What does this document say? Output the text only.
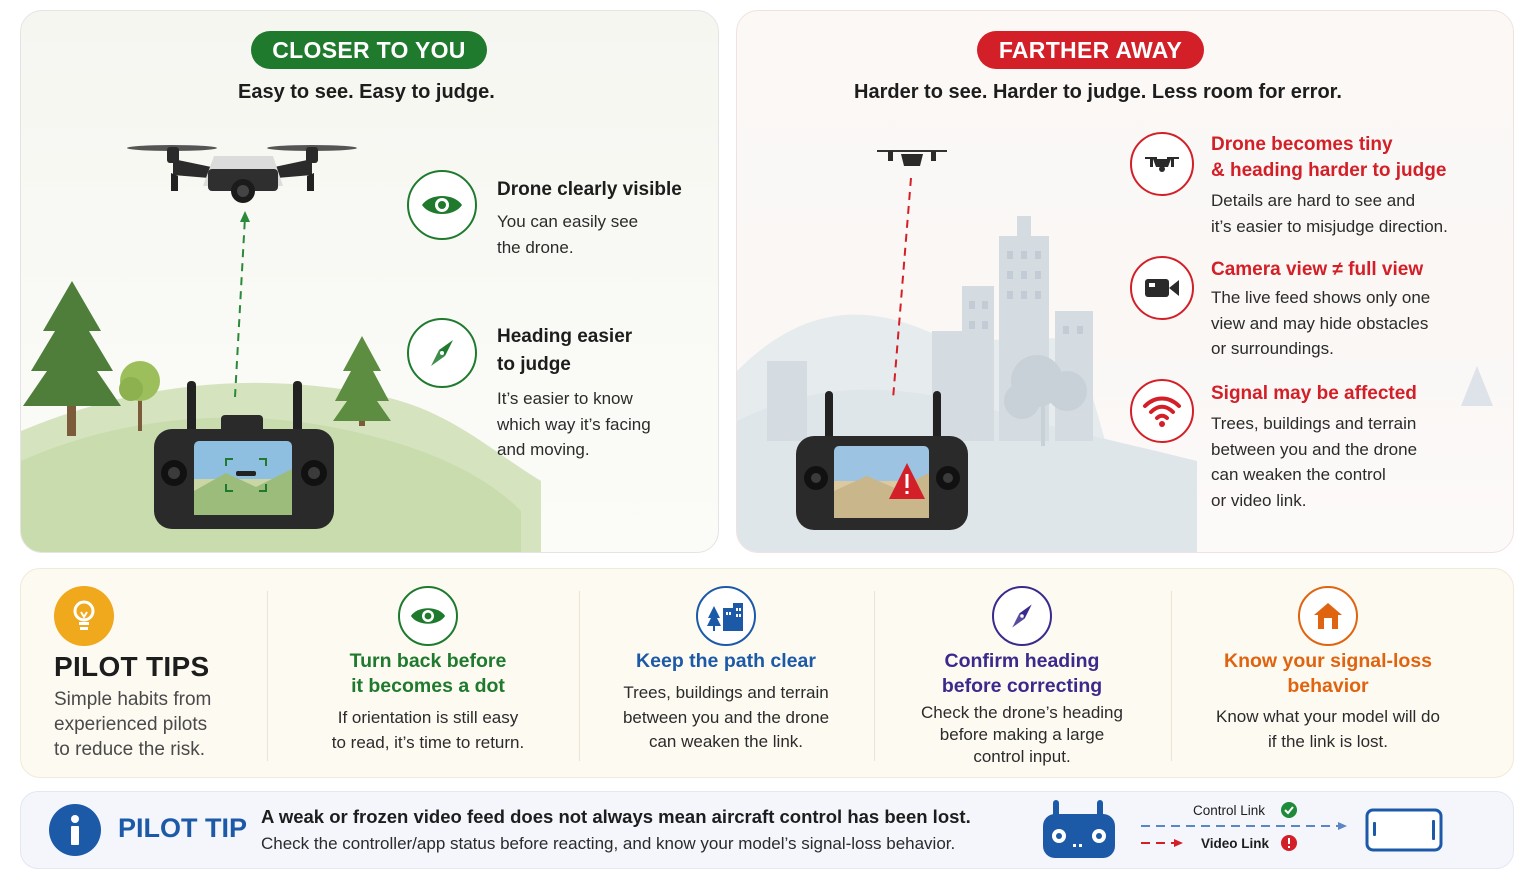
CLOSER TO YOU
Easy to see. Easy to judge.
Drone clearly visible
You can easily see
the drone.
Heading easier
to judge
It’s easier to know
which way it’s facing
and moving.
FARTHER AWAY
Harder to see. Harder to judge. Less room for error.
Drone becomes tiny
& heading harder to judge
Details are hard to see and
it’s easier to misjudge direction.
Camera view ≠ full view
The live feed shows only one
view and may hide obstacles
or surroundings.
Signal may be affected
Trees, buildings and terrain
between you and the drone
can weaken the control
or video link.
PILOT TIPS
Simple habits from
experienced pilots
to reduce the risk.
Turn back before
it becomes a dot
If orientation is still easy
to read, it’s time to return.
Keep the path clear
Trees, buildings and terrain
between you and the drone
can weaken the link.
Confirm heading
before correcting
Check the drone’s heading
before making a large
control input.
Know your signal-loss
behavior
Know what your model will do
if the link is lost.
PILOT TIP A weak or frozen video feed does not always mean aircraft control has been lost.
Check the controller/app status before reacting, and know your model’s signal-loss behavior.
Control Link
Video Link
